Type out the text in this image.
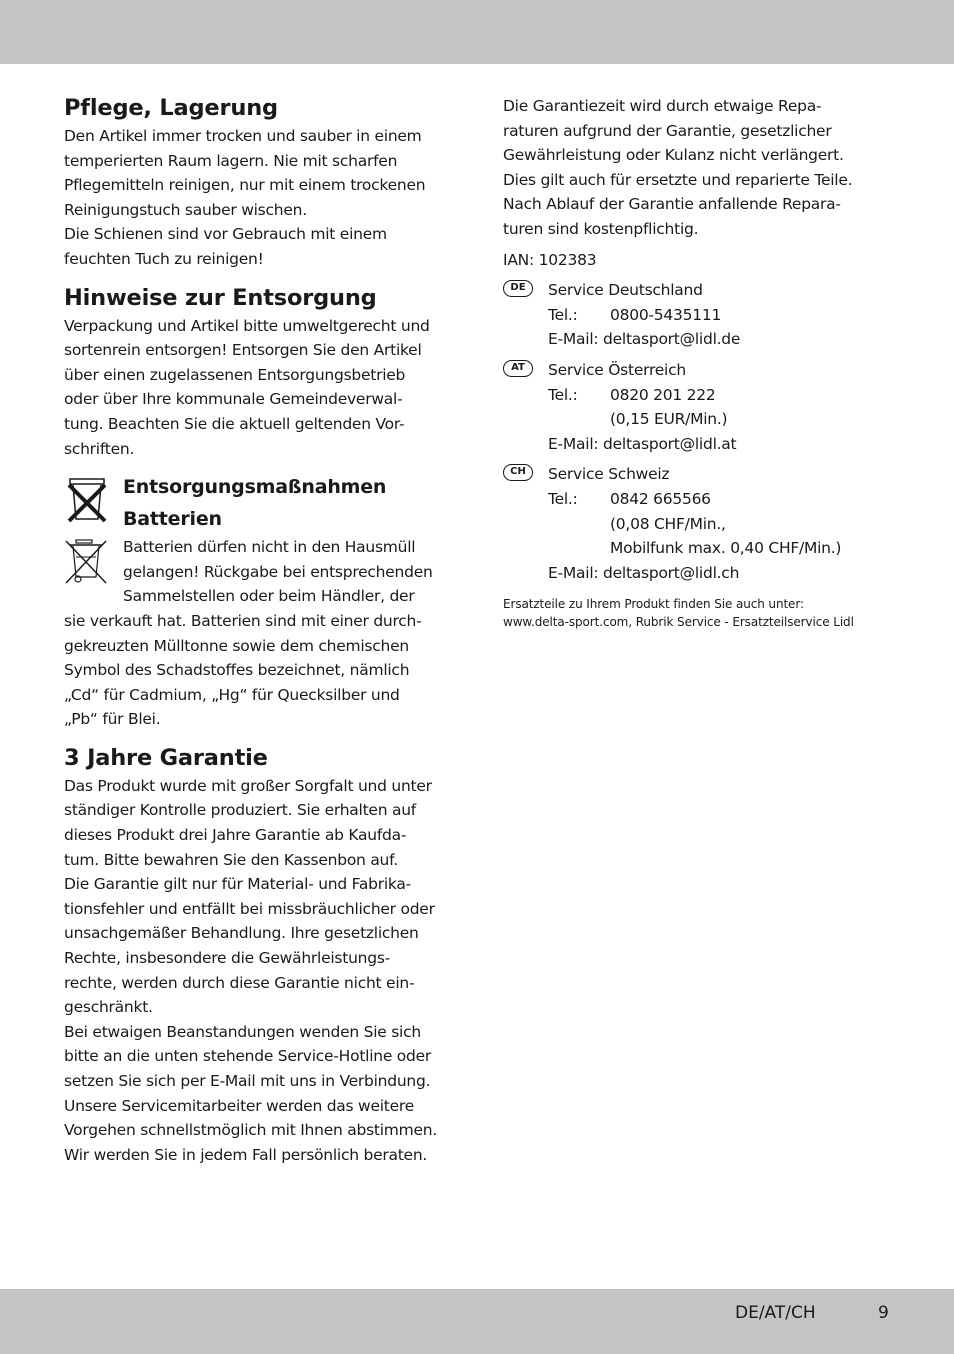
Pflege, Lagerung

Den Artikel immer trocken und sauber in einem

temperierten Raum lagern. Nie mit scharfen

Pflegemitteln reinigen, nur mit einem trockenen

Reinigungstuch sauber wischen.

Die Schienen sind vor Gebrauch mit einem

feuchten Tuch zu reinigen!

Hinweise zur Entsorgung

Verpackung und Artikel bitte umweltgerecht und

sortenrein entsorgen! Entsorgen Sie den Artikel

über einen zugelassenen Entsorgungsbetrieb

oder über Ihre kommunale Gemeindeverwal-

tung. Beachten Sie die aktuell geltenden Vor-

schriften.

Entsorgungsmaßnahmen
Batterien

Batterien dürfen nicht in den Hausmüll

gelangen! Rückgabe bei entsprechenden

Sammelstellen oder beim Händler, der

sie verkauft hat. Batterien sind mit einer durch-

gekreuzten Mülltonne sowie dem chemischen

Symbol des Schadstoffes bezeichnet, nämlich

„Cd“ für Cadmium, „Hg“ für Quecksilber und

„Pb“ für Blei.

3 Jahre Garantie

Das Produkt wurde mit großer Sorgfalt und unter

ständiger Kontrolle produziert. Sie erhalten auf

dieses Produkt drei Jahre Garantie ab Kaufda-

tum. Bitte bewahren Sie den Kassenbon auf.

Die Garantie gilt nur für Material- und Fabrika-

tionsfehler und entfällt bei missbräuchlicher oder

unsachgemäßer Behandlung. Ihre gesetzlichen

Rechte, insbesondere die Gewährleistungs-

rechte, werden durch diese Garantie nicht ein-

geschränkt.

Bei etwaigen Beanstandungen wenden Sie sich

bitte an die unten stehende Service-Hotline oder

setzen Sie sich per E-Mail mit uns in Verbindung.

Unsere Servicemitarbeiter werden das weitere

Vorgehen schnellstmöglich mit Ihnen abstimmen.

Wir werden Sie in jedem Fall persönlich beraten.

Die Garantiezeit wird durch etwaige Repa-

raturen aufgrund der Garantie, gesetzlicher

Gewährleistung oder Kulanz nicht verlängert.

Dies gilt auch für ersetzte und reparierte Teile.

Nach Ablauf der Garantie anfallende Repara-

turen sind kostenpflichtig.

IAN: 102383

DE	Service Deutschland

Tel.:	0800-5435111

E-Mail: deltasport@lidl.de

AT	Service Österreich

Tel.:	0820 201 222

(0,15 EUR/Min.)

E-Mail: deltasport@lidl.at

CH	Service Schweiz

Tel.:	0842 665566

(0,08 CHF/Min.,

Mobilfunk max. 0,40 CHF/Min.)

E-Mail: deltasport@lidl.ch

Ersatzteile zu Ihrem Produkt finden Sie auch unter:

www.delta-sport.com, Rubrik Service - Ersatzteilservice Lidl

DE/AT/CH	9
